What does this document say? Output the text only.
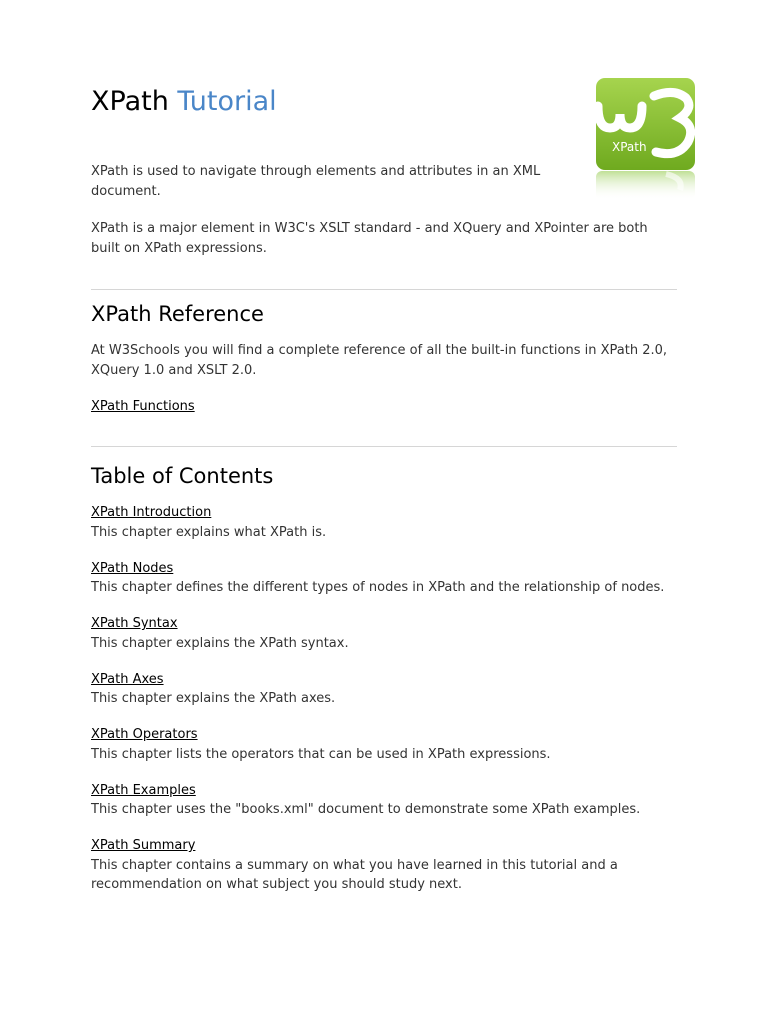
XPath Tutorial
XPath

XPath is used to navigate through elements and attributes in an XML document.

XPath is a major element in W3C's XSLT standard - and XQuery and XPointer are both built on XPath expressions.

XPath Reference

At W3Schools you will find a complete reference of all the built-in functions in XPath 2.0, XQuery 1.0 and XSLT 2.0.

XPath Functions
Table of Contents
XPath Introduction

This chapter explains what XPath is.

XPath Nodes

This chapter defines the different types of nodes in XPath and the relationship of nodes.

XPath Syntax

This chapter explains the XPath syntax.

XPath Axes

This chapter explains the XPath axes.

XPath Operators

This chapter lists the operators that can be used in XPath expressions.

XPath Examples

This chapter uses the "books.xml" document to demonstrate some XPath examples.

XPath Summary

This chapter contains a summary on what you have learned in this tutorial and a recommendation on what subject you should study next.
